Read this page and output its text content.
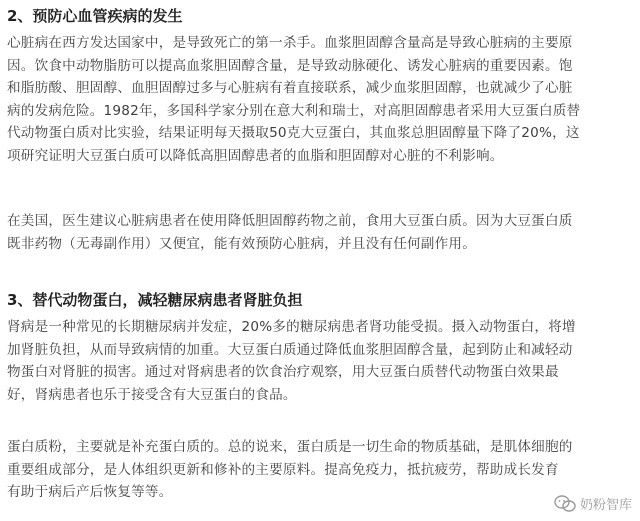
2、预防心血管疾病的发生
心脏病在西方发达国家中，是导致死亡的第一杀手。血浆胆固醇含量高是导致心脏病的主要原
因。饮食中动物脂肪可以提高血浆胆固醇含量，是导致动脉硬化、诱发心脏病的重要因素。饱
和脂肪酸、胆固醇、血胆固醇过多与心脏病有着直接联系，减少血浆胆固醇，也就减少了心脏
病的发病危险。1982年，多国科学家分别在意大利和瑞士，对高胆固醇患者采用大豆蛋白质替
代动物蛋白质对比实验，结果证明每天摄取50克大豆蛋白，其血浆总胆固醇量下降了20%，这
项研究证明大豆蛋白质可以降低高胆固醇患者的血脂和胆固醇对心脏的不利影响。
在美国，医生建议心脏病患者在使用降低胆固醇药物之前，食用大豆蛋白质。因为大豆蛋白质
既非药物（无毒副作用）又便宜，能有效预防心脏病，并且没有任何副作用。
3、替代动物蛋白，减轻糖尿病患者肾脏负担
肾病是一种常见的长期糖尿病并发症，20%多的糖尿病患者肾功能受损。摄入动物蛋白，将增
加肾脏负担，从而导致病情的加重。大豆蛋白质通过降低血浆胆固醇含量，起到防止和减轻动
物蛋白对肾脏的损害。通过对肾病患者的饮食治疗观察，用大豆蛋白质替代动物蛋白效果最
好，肾病患者也乐于接受含有大豆蛋白的食品。
蛋白质粉，主要就是补充蛋白质的。总的说来，蛋白质是一切生命的物质基础，是肌体细胞的
重要组成部分，是人体组织更新和修补的主要原料。提高免疫力，抵抗疲劳，帮助成长发育
有助于病后产后恢复等等。
奶粉智库
